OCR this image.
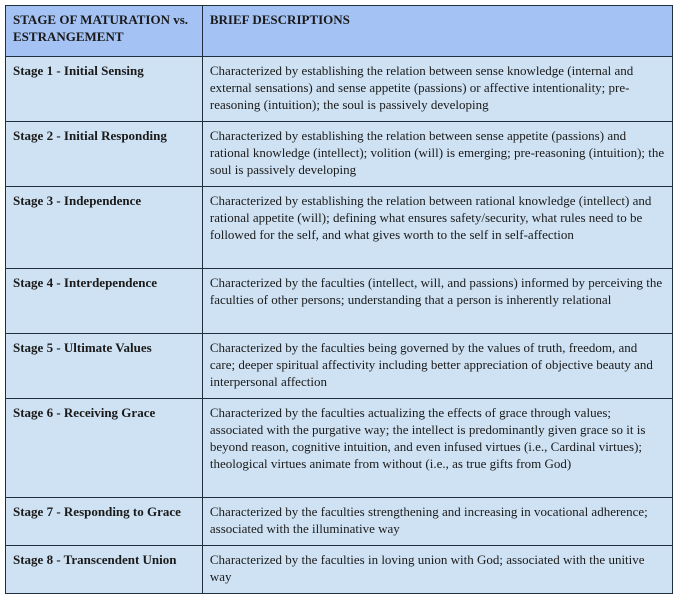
STAGE OF MATURATION vs. ESTRANGEMENT	BRIEF DESCRIPTIONS
Stage 1 - Initial Sensing	Characterized by establishing the relation between sense knowledge (internal and external sensations) and sense appetite (passions) or affective intentionality; pre-reasoning (intuition); the soul is passively developing
Stage 2 - Initial Responding	Characterized by establishing the relation between sense appetite (passions) and rational knowledge (intellect); volition (will) is emerging; pre-reasoning (intuition); the soul is passively developing
Stage 3 - Independence	Characterized by establishing the relation between rational knowledge (intellect) and rational appetite (will); defining what ensures safety/security, what rules need to be followed for the self, and what gives worth to the self in self-affection
Stage 4 - Interdependence	Characterized by the faculties (intellect, will, and passions) informed by perceiving the faculties of other persons; understanding that a person is inherently relational
Stage 5 - Ultimate Values	Characterized by the faculties being governed by the values of truth, freedom, and care; deeper spiritual affectivity including better appreciation of objective beauty and interpersonal affection
Stage 6 - Receiving Grace	Characterized by the faculties actualizing the effects of grace through values; associated with the purgative way; the intellect is predominantly given grace so it is beyond reason, cognitive intuition, and even infused virtues (i.e., Cardinal virtues); theological virtues animate from without (i.e., as true gifts from God)
Stage 7 - Responding to Grace	Characterized by the faculties strengthening and increasing in vocational adherence; associated with the illuminative way
Stage 8 - Transcendent Union	Characterized by the faculties in loving union with God; associated with the unitive way
